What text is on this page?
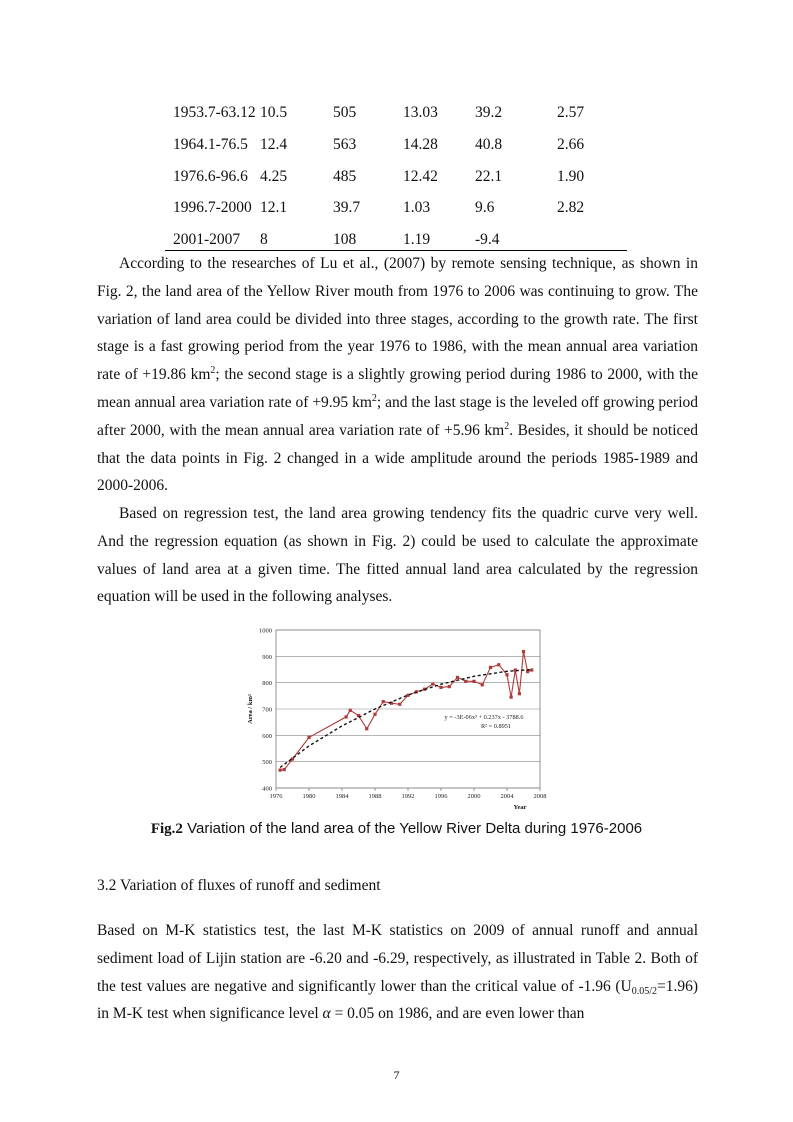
1953.7-63.12 10.5	505	13.03 39.2	2.57
1964.1-76.5 12.4	563	14.28 40.8	2.66
1976.6-96.6 4.25	485	12.42 22.1	1.90
1996.7-2000 12.1	39.7	1.03	9.6	2.82
2001-2007 8	108	1.19	-9.4

According to the researches of Lu et al., (2007) by remote sensing technique, as shown in Fig. 2, the land area of the Yellow River mouth from 1976 to 2006 was continuing to grow. The variation of land area could be divided into three stages, according to the growth rate. The first stage is a fast growing period from the year 1976 to 1986, with the mean annual area variation rate of +19.86 $km^2$; the second stage is a slightly growing period during 1986 to 2000, with the mean annual area variation rate of +9.95 $km^2$; and the last stage is the leveled off growing period after 2000, with the mean annual area variation rate of +5.96 $km^2$. Besides, it should be noticed that the data points in Fig. 2 changed in a wide amplitude around the periods 1985-1989 and 2000-2006.

Based on regression test, the land area growing tendency fits the quadric curve very well. And the regression equation (as shown in Fig. 2) could be used to calculate the approximate values of land area at a given time. The fitted annual land area calculated by the regression equation will be used in the following analyses.

400
500
600
700
800
900
1000
1976	1980	1984	1988	1992	1996	2000	2004	2008
Year
Area / km²	y = -3E-06x³ + 0.237x - 3788.6
R² = 0.8951
Fig.2 Variation of the land area of the Yellow River Delta during 1976-2006
3.2 Variation of fluxes of runoff and sediment

Based on M-K statistics test, the last M-K statistics on 2009 of annual runoff and annual sediment load of Lijin station are -6.20 and -6.29, respectively, as illustrated in Table 2. Both of the test values are negative and significantly lower than the critical value of -1.96 $(U_{0.05/2}=1.96)$ in M-K test when significance level α = 0.05 on 1986, and are even lower than

7
